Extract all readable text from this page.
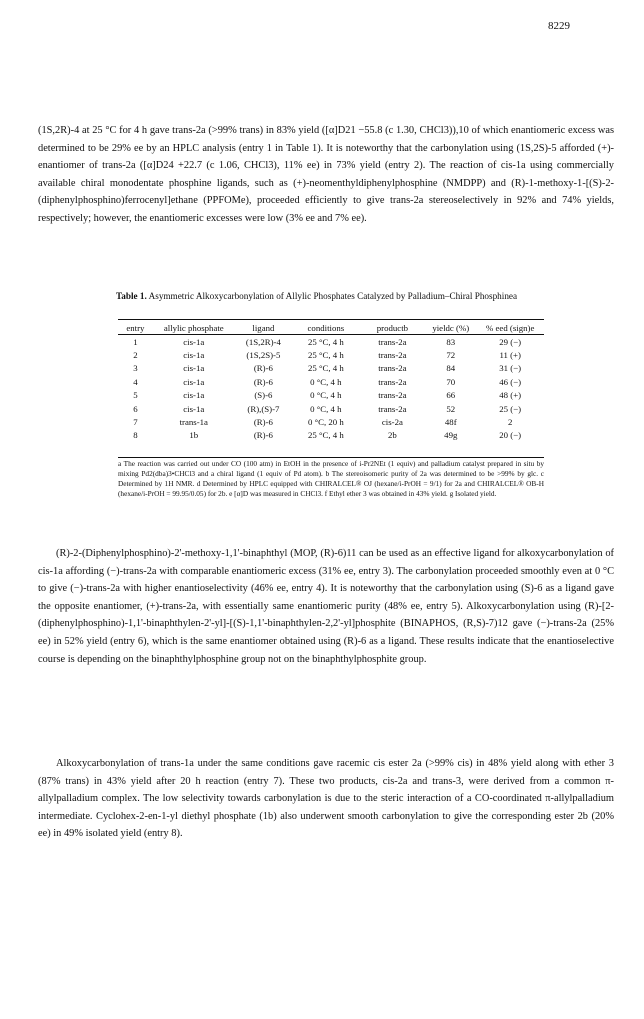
8229

(1S,2R)-4 at 25 °C for 4 h gave trans-2a (>99% trans) in 83% yield ([α]D21 −55.8 (c 1.30, CHCl3)),10 of which enantiomeric excess was determined to be 29% ee by an HPLC analysis (entry 1 in Table 1). It is noteworthy that the carbonylation using (1S,2S)-5 afforded (+)-enantiomer of trans-2a ([α]D24 +22.7 (c 1.06, CHCl3), 11% ee) in 73% yield (entry 2). The reaction of cis-1a using commercially available chiral monodentate phosphine ligands, such as (+)-neomenthyldiphenylphosphine (NMDPP) and (R)-1-methoxy-1-[(S)-2-(diphenylphosphino)ferrocenyl]ethane (PPFOMe), proceeded efficiently to give trans-2a stereoselectively in 92% and 74% yields, respectively; however, the enantiomeric excesses were low (3% ee and 7% ee).

Table 1. Asymmetric Alkoxycarbonylation of Allylic Phosphates Catalyzed by Palladium–Chiral Phosphinea
entry	allylic phosphate	ligand	conditions	productb	yieldc (%)	% eed (sign)e
1	cis-1a	(1S,2R)-4	25 °C, 4 h	trans-2a	83	29 (−)
2	cis-1a	(1S,2S)-5	25 °C, 4 h	trans-2a	72	11 (+)
3	cis-1a	(R)-6	25 °C, 4 h	trans-2a	84	31 (−)
4	cis-1a	(R)-6	0 °C, 4 h	trans-2a	70	46 (−)
5	cis-1a	(S)-6	0 °C, 4 h	trans-2a	66	48 (+)
6	cis-1a	(R),(S)-7	0 °C, 4 h	trans-2a	52	25 (−)
7	trans-1a	(R)-6	0 °C, 20 h	cis-2a	48f	2
8	1b	(R)-6	25 °C, 4 h	2b	49g	20 (−)
a The reaction was carried out under CO (100 atm) in EtOH in the presence of i-Pr2NEt (1 equiv) and palladium catalyst prepared in situ by mixing Pd2(dba)3•CHCl3 and a chiral ligand (1 equiv of Pd atom). b The stereoisomeric purity of 2a was determined to be >99% by glc. c Determined by 1H NMR. d Determined by HPLC equipped with CHIRALCEL® OJ (hexane/i-PrOH = 9/1) for 2a and CHIRALCEL® OB-H (hexane/i-PrOH = 99.95/0.05) for 2b. e [α]D was measured in CHCl3. f Ethyl ether 3 was obtained in 43% yield. g Isolated yield.

(R)-2-(Diphenylphosphino)-2'-methoxy-1,1'-binaphthyl (MOP, (R)-6)11 can be used as an effective ligand for alkoxycarbonylation of cis-1a affording (−)-trans-2a with comparable enantiomeric excess (31% ee, entry 3). The carbonylation proceeded smoothly even at 0 °C to give (−)-trans-2a with higher enantioselectivity (46% ee, entry 4). It is noteworthy that the carbonylation using (S)-6 as a ligand gave the opposite enantiomer, (+)-trans-2a, with essentially same enantiomeric purity (48% ee, entry 5). Alkoxycarbonylation using (R)-[2-(diphenylphosphino)-1,1'-binaphthylen-2'-yl]-[(S)-1,1'-binaphthylen-2,2'-yl]phosphite (BINAPHOS, (R,S)-7)12 gave (−)-trans-2a (25% ee) in 52% yield (entry 6), which is the same enantiomer obtained using (R)-6 as a ligand. These results indicate that the enantioselective course is depending on the binaphthylphosphine group not on the binaphthylphosphite group.

Alkoxycarbonylation of trans-1a under the same conditions gave racemic cis ester 2a (>99% cis) in 48% yield along with ether 3 (87% trans) in 43% yield after 20 h reaction (entry 7). These two products, cis-2a and trans-3, were derived from a common π-allylpalladium complex. The low selectivity towards carbonylation is due to the steric interaction of a CO-coordinated π-allylpalladium intermediate. Cyclohex-2-en-1-yl diethyl phosphate (1b) also underwent smooth carbonylation to give the corresponding ester 2b (20% ee) in 49% isolated yield (entry 8).
